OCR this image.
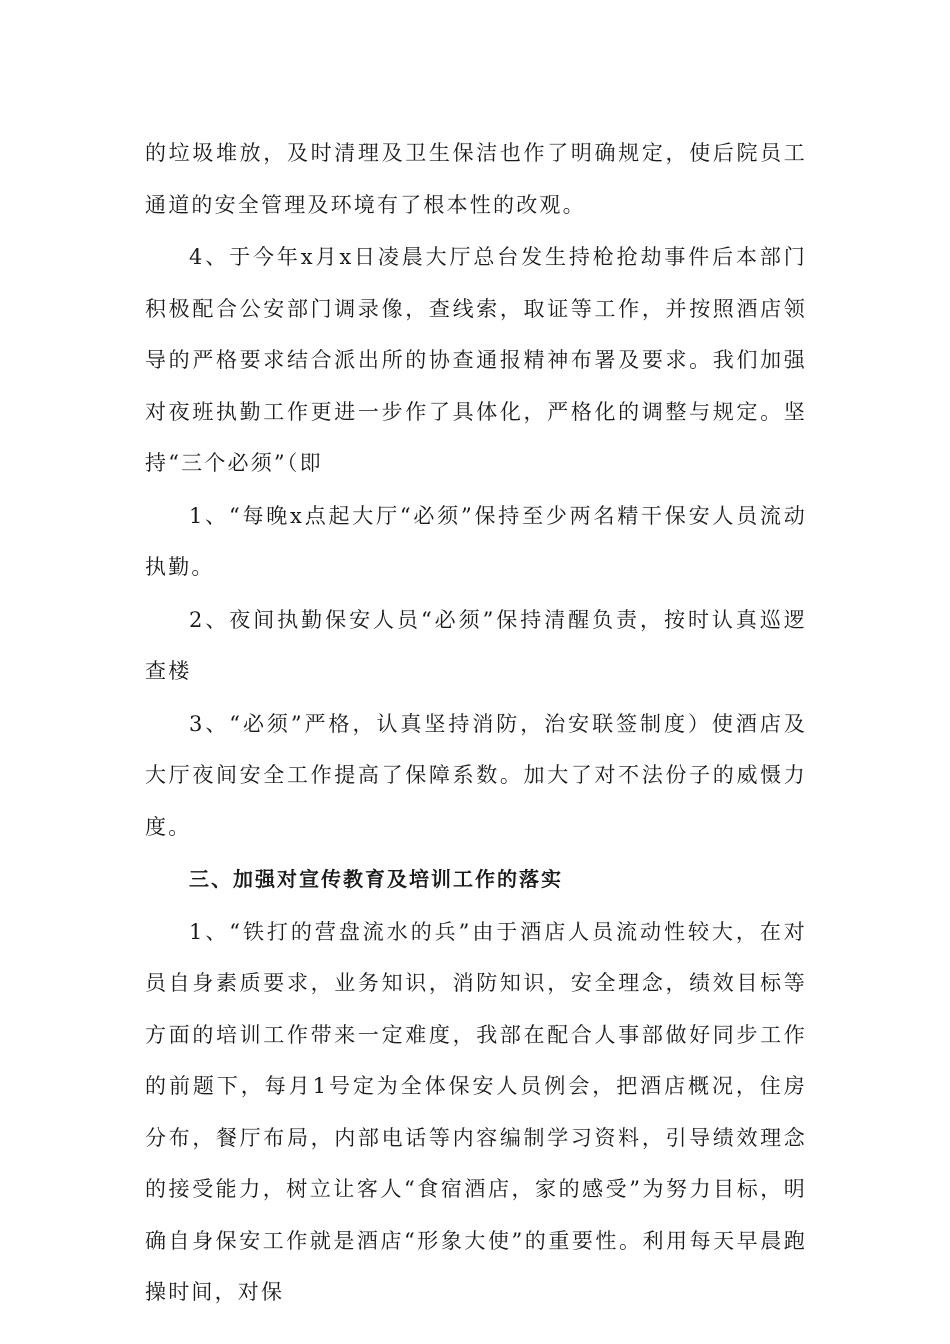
的垃圾堆放，及时清理及卫生保洁也作了明确规定，使后院员工通道的安全管理及环境有了根本性的改观。

4、于今年x月x日凌晨大厅总台发生持枪抢劫事件后本部门积极配合公安部门调录像，查线索，取证等工作，并按照酒店领导的严格要求结合派出所的协查通报精神布署及要求。我们加强对夜班执勤工作更进一步作了具体化，严格化的调整与规定。坚持“三个必须”（即

1、“每晚x点起大厅“必须”保持至少两名精干保安人员流动执勤。

2、夜间执勤保安人员“必须”保持清醒负责，按时认真巡逻查楼

3、“必须”严格，认真坚持消防，治安联签制度）使酒店及大厅夜间安全工作提高了保障系数。加大了对不法份子的威慑力度。

三、加强对宣传教育及培训工作的落实

1、“铁打的营盘流水的兵”由于酒店人员流动性较大，在对员自身素质要求，业务知识，消防知识，安全理念，绩效目标等方面的培训工作带来一定难度，我部在配合人事部做好同步工作的前题下，每月1号定为全体保安人员例会，把酒店概况，住房分布，餐厅布局，内部电话等内容编制学习资料，引导绩效理念的接受能力，树立让客人“食宿酒店，家的感受”为努力目标，明确自身保安工作就是酒店“形象大使”的重要性。利用每天早晨跑操时间，对保
